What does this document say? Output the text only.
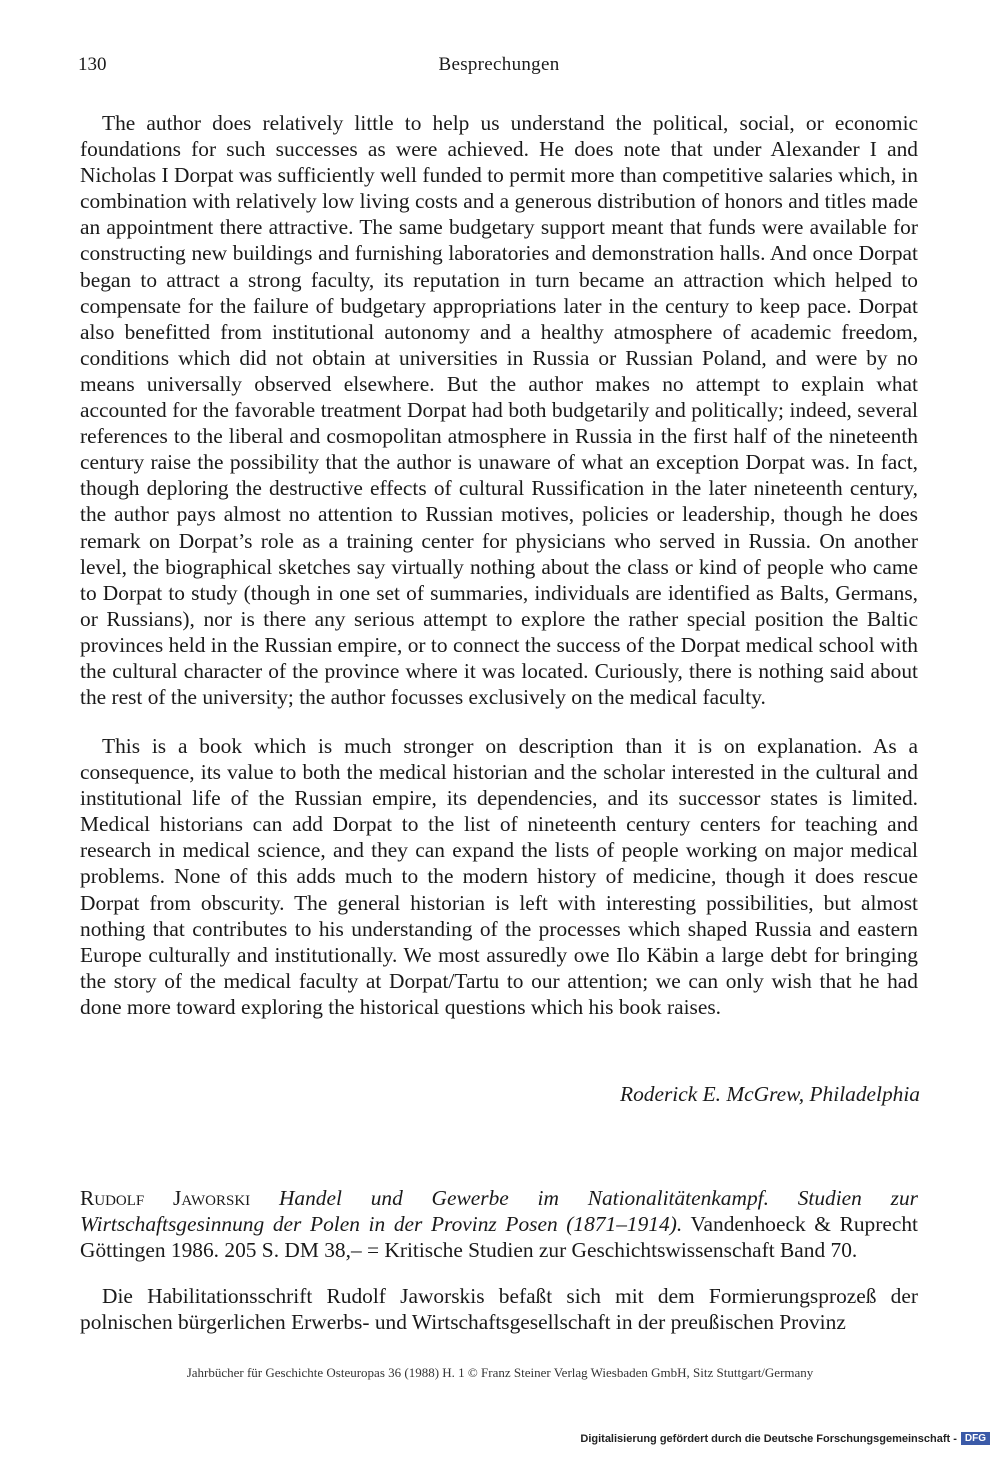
130	Besprechungen

The author does relatively little to help us understand the political, social, or economic foundations for such successes as were achieved. He does note that under Alexander I and Nicholas I Dorpat was sufficiently well funded to permit more than competitive salaries which, in combination with relatively low living costs and a generous distribution of honors and titles made an appointment there attractive. The same budgetary support meant that funds were available for constructing new buildings and furnishing laboratories and demonstration halls. And once Dorpat began to attract a strong faculty, its reputation in turn became an attraction which helped to compensate for the failure of budgetary appropriations later in the century to keep pace. Dorpat also benefitted from institutional autonomy and a healthy atmosphere of academic freedom, conditions which did not obtain at universities in Russia or Russian Poland, and were by no means universally observed elsewhere. But the author makes no attempt to explain what accounted for the favorable treatment Dorpat had both budgetarily and politically; indeed, several references to the liberal and cosmopolitan atmosphere in Russia in the first half of the nineteenth century raise the possibility that the author is unaware of what an exception Dorpat was. In fact, though deploring the destructive effects of cultural Russification in the later nineteenth century, the author pays almost no attention to Russian motives, policies or leadership, though he does remark on Dorpat’s role as a training center for physicians who served in Russia. On another level, the biographical sketches say virtually nothing about the class or kind of people who came to Dorpat to study (though in one set of summaries, individuals are identified as Balts, Germans, or Russians), nor is there any serious attempt to explore the rather special position the Baltic provinces held in the Russian empire, or to connect the success of the Dorpat medical school with the cultural character of the province where it was located. Curiously, there is nothing said about the rest of the university; the author focusses exclusively on the medical faculty.

This is a book which is much stronger on description than it is on explanation. As a consequence, its value to both the medical historian and the scholar interested in the cultural and institutional life of the Russian empire, its dependencies, and its successor states is limited. Medical historians can add Dorpat to the list of nineteenth century centers for teaching and research in medical science, and they can expand the lists of people working on major medical problems. None of this adds much to the modern history of medicine, though it does rescue Dorpat from obscurity. The general historian is left with interesting possibilities, but almost nothing that contributes to his understanding of the processes which shaped Russia and eastern Europe culturally and institutionally. We most assuredly owe Ilo Käbin a large debt for bringing the story of the medical faculty at Dorpat/Tartu to our attention; we can only wish that he had done more toward exploring the historical questions which his book raises.

Roderick E. McGrew, Philadelphia

Rudolf Jaworski Handel und Gewerbe im Nationalitätenkampf. Studien zur Wirtschaftsgesinnung der Polen in der Provinz Posen (1871–1914). Vandenhoeck & Ruprecht Göttingen 1986. 205 S. DM 38,– = Kritische Studien zur Geschichtswissenschaft Band 70.

Die Habilitationsschrift Rudolf Jaworskis befaßt sich mit dem Formierungsprozeß der polnischen bürgerlichen Erwerbs- und Wirtschaftsgesellschaft in der preußischen Provinz

Jahrbücher für Geschichte Osteuropas 36 (1988) H. 1 © Franz Steiner Verlag Wiesbaden GmbH, Sitz Stuttgart/Germany
Digitalisierung gefördert durch die Deutsche Forschungsgemeinschaft - DFG
